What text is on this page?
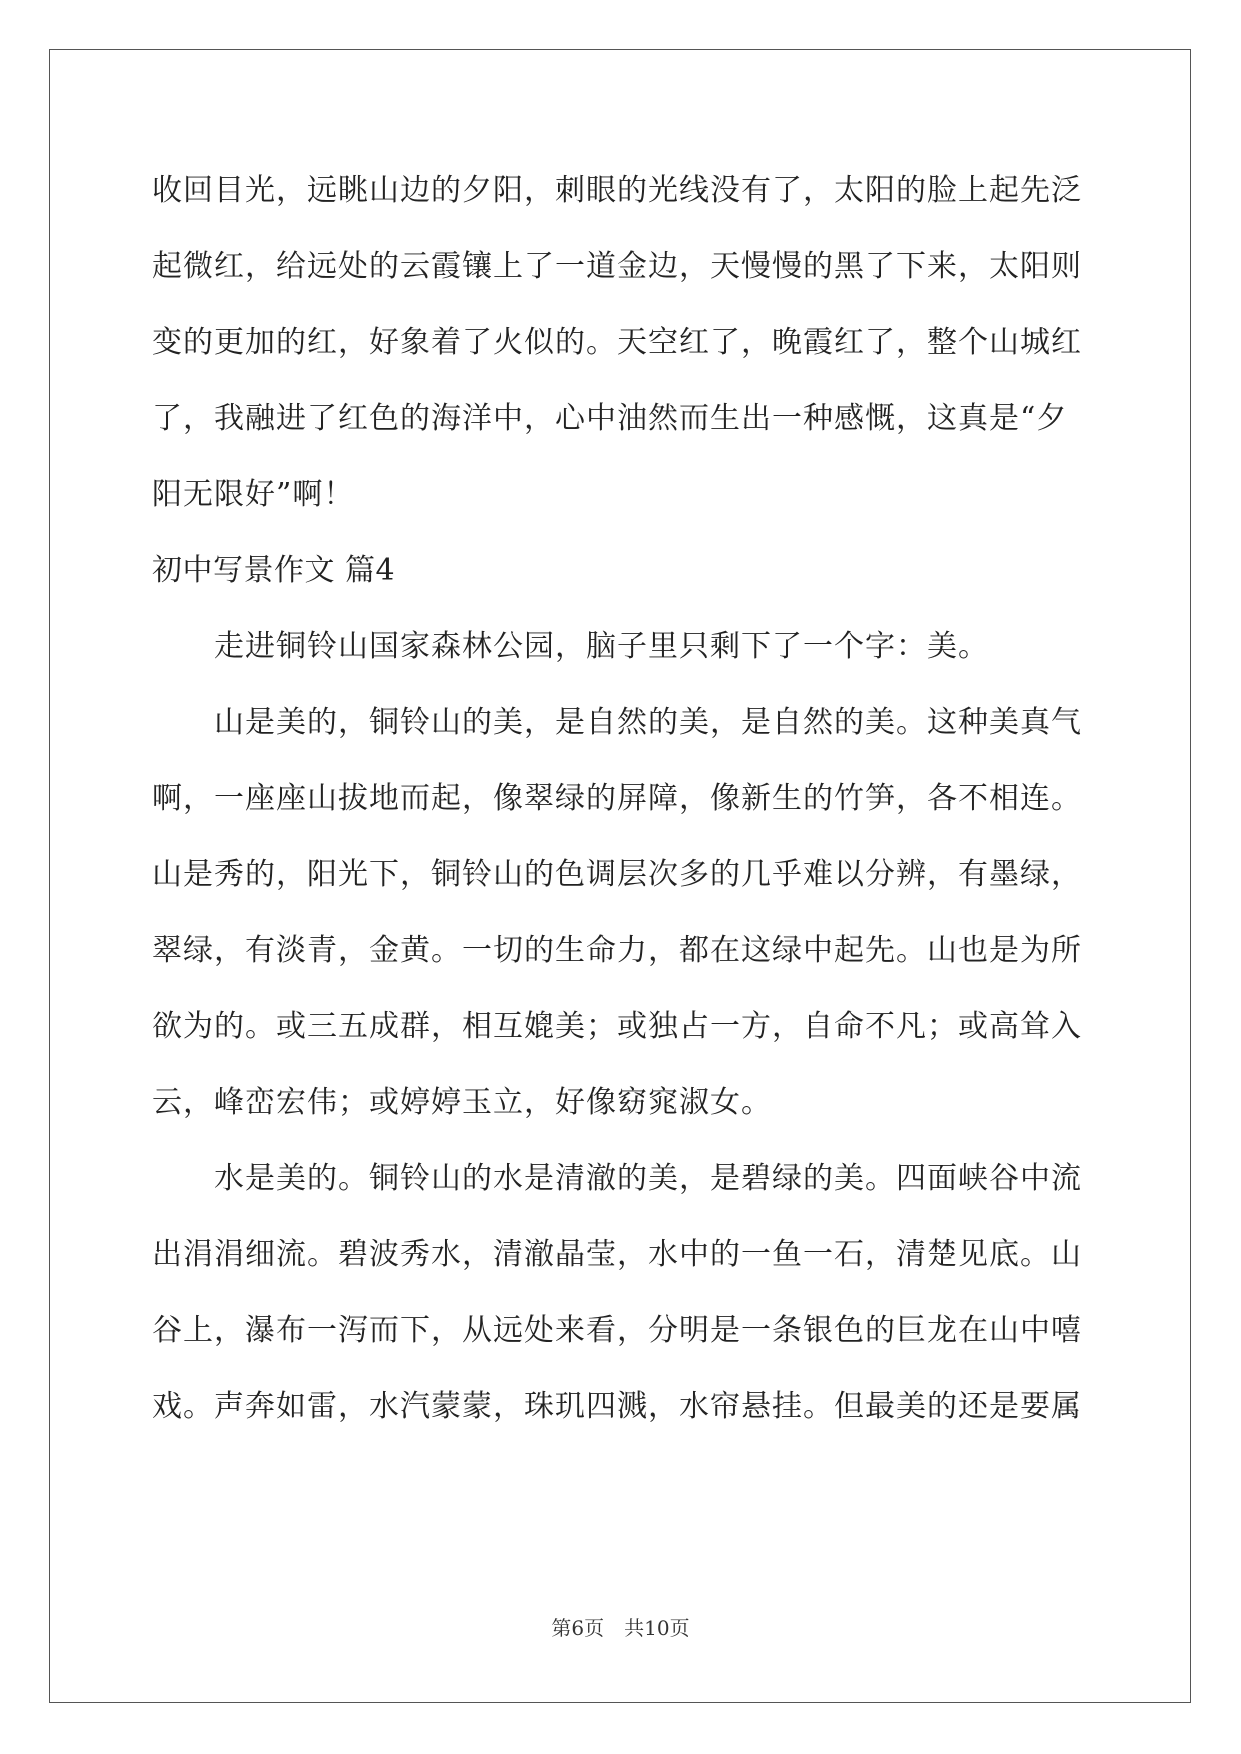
收回目光，远眺山边的夕阳，刺眼的光线没有了，太阳的脸上起先泛

起微红，给远处的云霞镶上了一道金边，天慢慢的黑了下来，太阳则

变的更加的红，好象着了火似的。天空红了，晚霞红了，整个山城红

了，我融进了红色的海洋中，心中油然而生出一种感慨，这真是“夕

阳无限好”啊！

初中写景作文 篇4

走进铜铃山国家森林公园，脑子里只剩下了一个字：美。

山是美的，铜铃山的美，是自然的美，是自然的美。这种美真气

啊，一座座山拔地而起，像翠绿的屏障，像新生的竹笋，各不相连。

山是秀的，阳光下，铜铃山的色调层次多的几乎难以分辨，有墨绿，

翠绿，有淡青，金黄。一切的生命力，都在这绿中起先。山也是为所

欲为的。或三五成群，相互媲美；或独占一方，自命不凡；或高耸入

云，峰峦宏伟；或婷婷玉立，好像窈窕淑女。

水是美的。铜铃山的水是清澈的美，是碧绿的美。四面峡谷中流

出涓涓细流。碧波秀水，清澈晶莹，水中的一鱼一石，清楚见底。山

谷上，瀑布一泻而下，从远处来看，分明是一条银色的巨龙在山中嘻

戏。声奔如雷，水汽蒙蒙，珠玑四溅，水帘悬挂。但最美的还是要属

第6页 共10页
